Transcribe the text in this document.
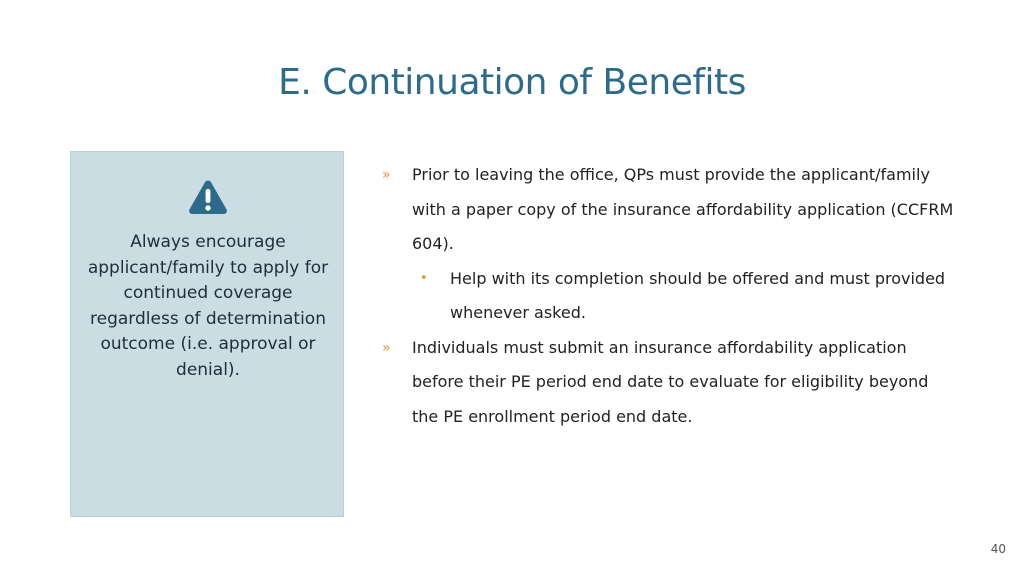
E. Continuation of Benefits
Always encourage applicant/family to apply for continued coverage regardless of determination outcome (i.e. approval or denial).
» Prior to leaving the office, QPs must provide the applicant/family with a paper copy of the insurance affordability application (CCFRM 604).
• Help with its completion should be offered and must provided whenever asked.
» Individuals must submit an insurance affordability application before their PE period end date to evaluate for eligibility beyond the PE enrollment period end date.
40
